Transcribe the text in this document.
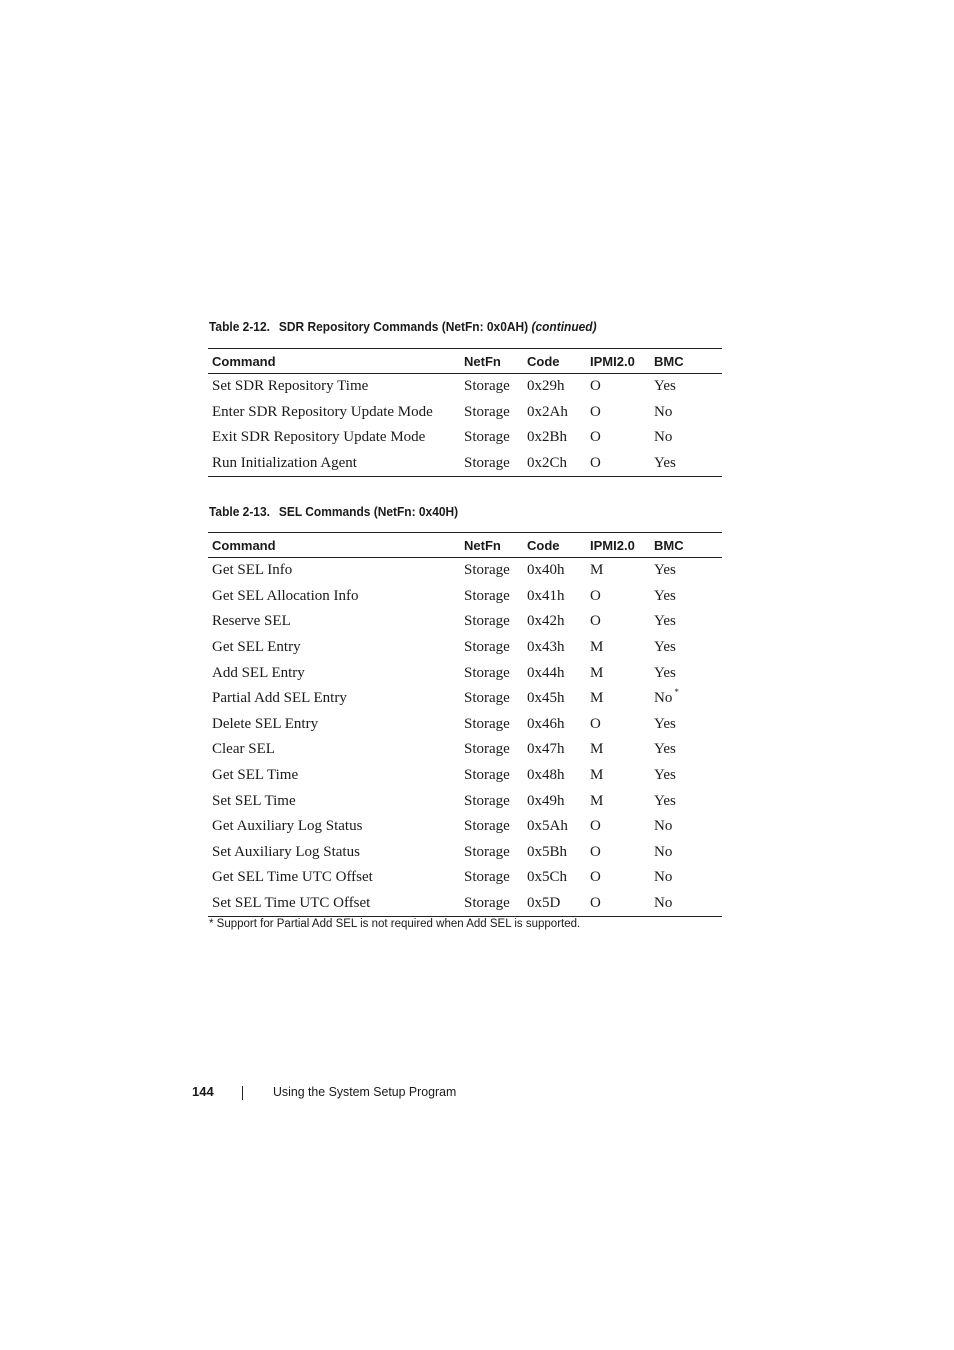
Table 2-12. SDR Repository Commands (NetFn: 0x0AH) (continued)
Command	NetFn	Code	IPMI2.0	BMC
Set SDR Repository Time	Storage	0x29h	O	Yes
Enter SDR Repository Update Mode	Storage	0x2Ah	O	No
Exit SDR Repository Update Mode	Storage	0x2Bh	O	No
Run Initialization Agent	Storage	0x2Ch	O	Yes
Table 2-13. SEL Commands (NetFn: 0x40H)
Command	NetFn	Code	IPMI2.0	BMC
Get SEL Info	Storage	0x40h	M	Yes
Get SEL Allocation Info	Storage	0x41h	O	Yes
Reserve SEL	Storage	0x42h	O	Yes
Get SEL Entry	Storage	0x43h	M	Yes
Add SEL Entry	Storage	0x44h	M	Yes
Partial Add SEL Entry	Storage	0x45h	M	No *
Delete SEL Entry	Storage	0x46h	O	Yes
Clear SEL	Storage	0x47h	M	Yes
Get SEL Time	Storage	0x48h	M	Yes
Set SEL Time	Storage	0x49h	M	Yes
Get Auxiliary Log Status	Storage	0x5Ah	O	No
Set Auxiliary Log Status	Storage	0x5Bh	O	No
Get SEL Time UTC Offset	Storage	0x5Ch	O	No
Set SEL Time UTC Offset	Storage	0x5D	O	No
* Support for Partial Add SEL is not required when Add SEL is supported.
144	Using the System Setup Program
